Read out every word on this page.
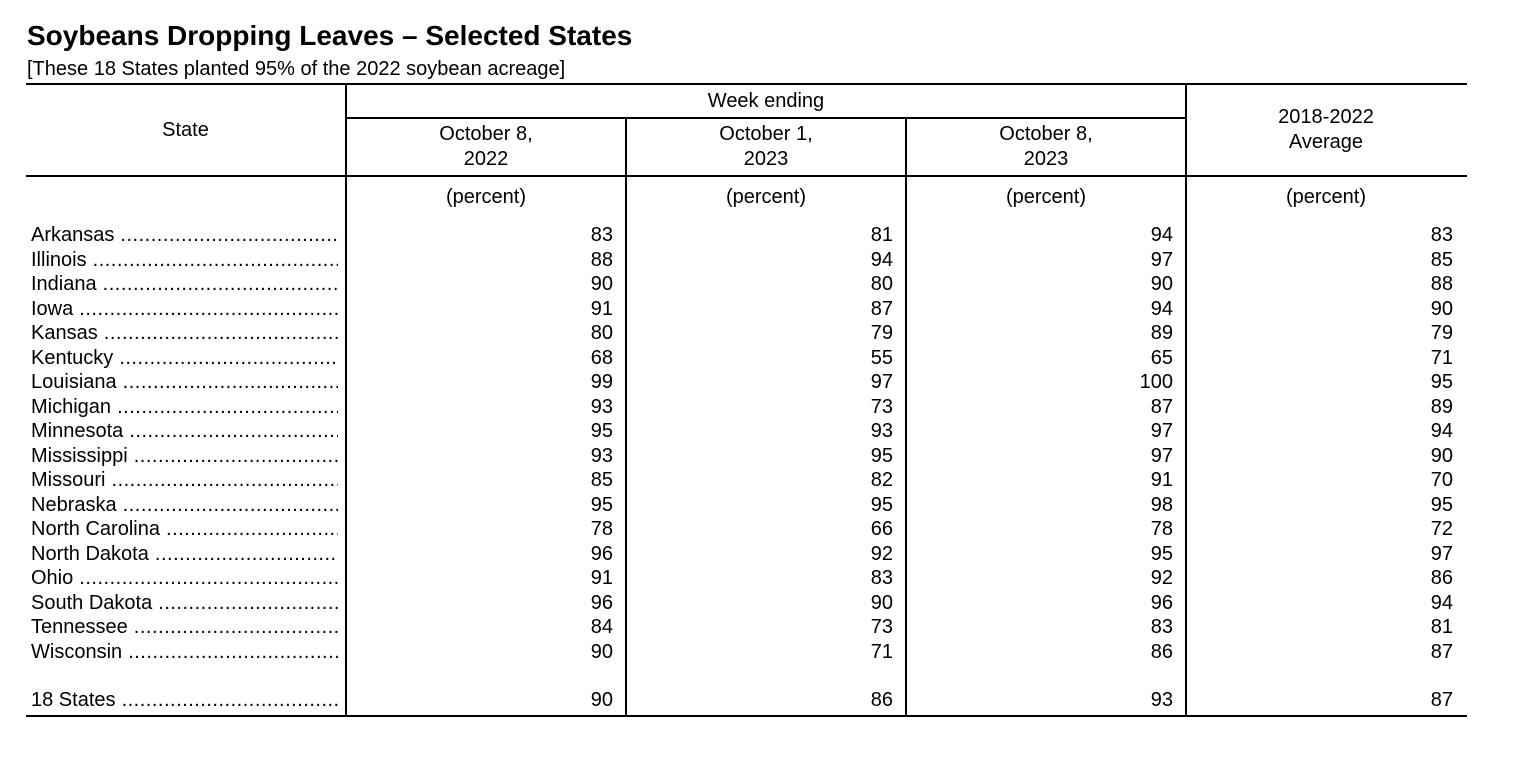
Soybeans Dropping Leaves – Selected States
[These 18 States planted 95% of the 2022 soybean acreage]
State
Week ending
October 8,
2022
October 1,
2023
October 8,
2023
2018-2022
Average
(percent)	(percent)	(percent)	(percent)
Arkansas .....	83	81	94	83
Illinois .....	88	94	97	85
Indiana .....	90	80	90	88
Iowa .....	91	87	94	90
Kansas .....	80	79	89	79
Kentucky .....	68	55	65	71
Louisiana .....	99	97	100	95
Michigan .....	93	73	87	89
Minnesota .....	95	93	97	94
Mississippi .....	93	95	97	90
Missouri .....	85	82	91	70
Nebraska .....	95	95	98	95
North Carolina .....	78	66	78	72
North Dakota .....	96	92	95	97
Ohio .....	91	83	92	86
South Dakota .....	96	90	96	94
Tennessee .....	84	73	83	81
Wisconsin .....	90	71	86	87
18 States .....	90	86	93	87
